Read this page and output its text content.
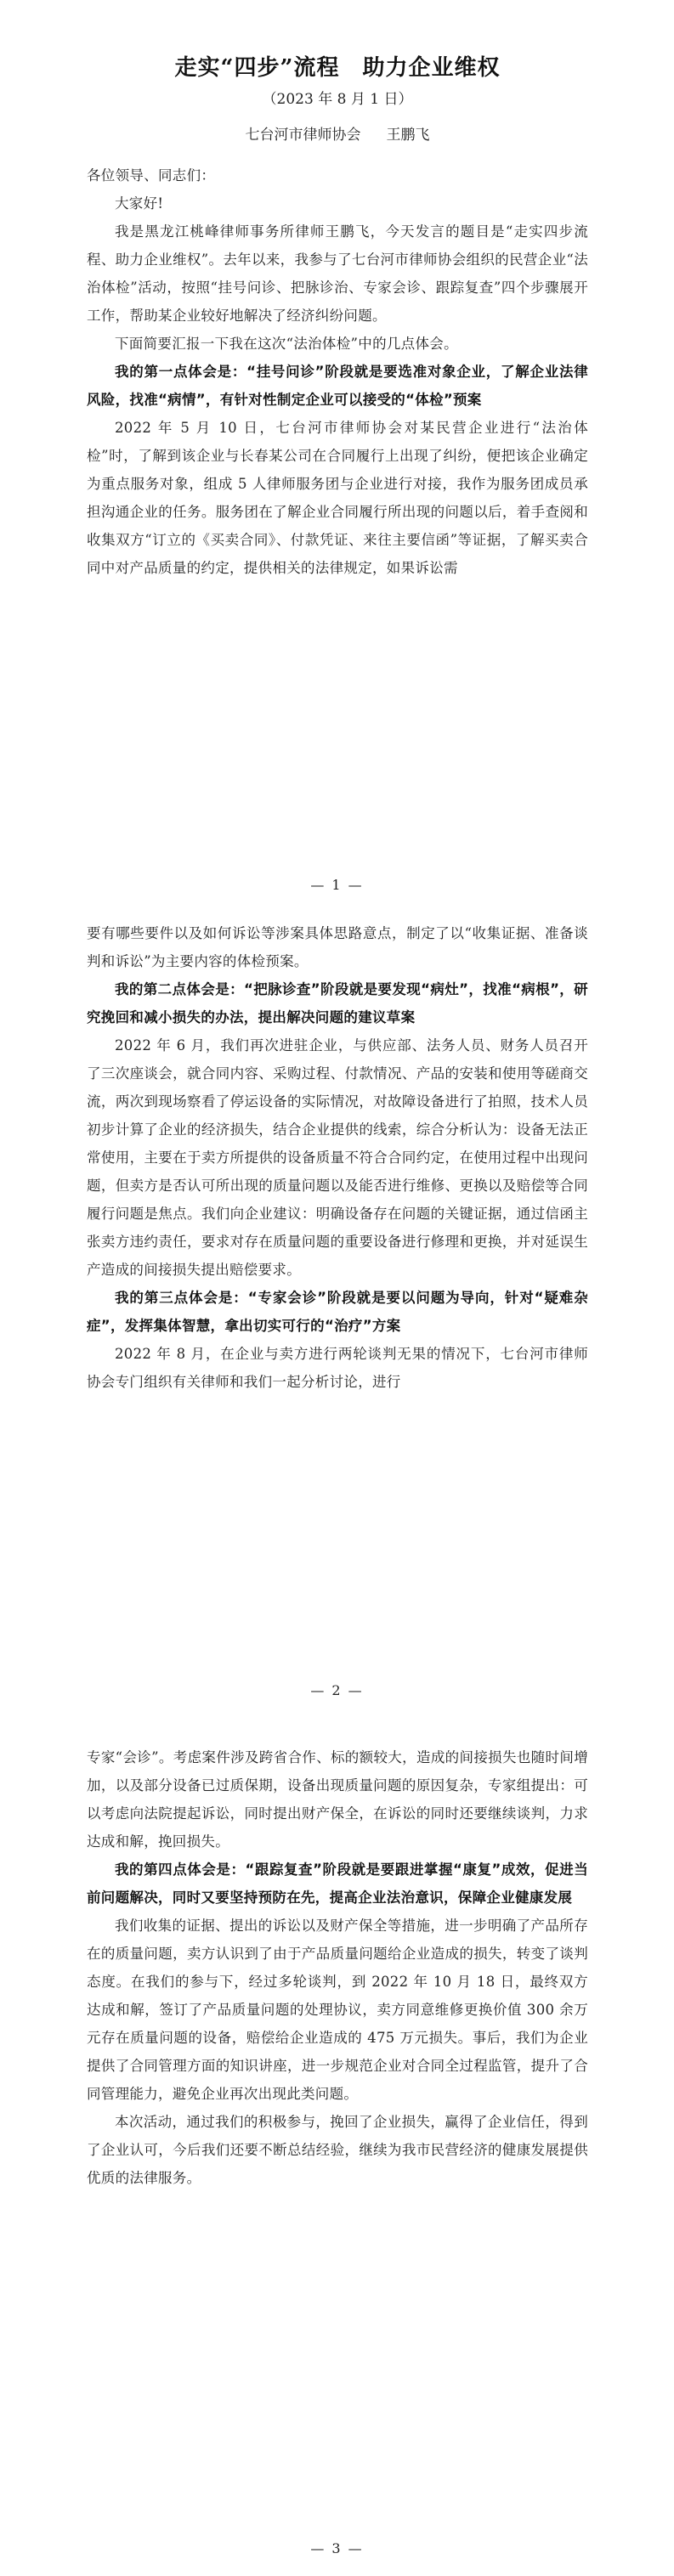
走实“四步”流程　助力企业维权

（2023 年 8 月 1 日）

七台河市律师协会 王鹏飞

各位领导、同志们：

大家好!

我是黑龙江桃峰律师事务所律师王鹏飞，今天发言的题目是“走实四步流程、助力企业维权”。去年以来，我参与了七台河市律师协会组织的民营企业“法治体检”活动，按照“挂号问诊、把脉诊治、专家会诊、跟踪复查”四个步骤展开工作，帮助某企业较好地解决了经济纠纷问题。

下面简要汇报一下我在这次“法治体检”中的几点体会。

我的第一点体会是：“挂号问诊”阶段就是要选准对象企业，了解企业法律风险，找准“病情”，有针对性制定企业可以接受的“体检”预案

2022 年 5 月 10 日，七台河市律师协会对某民营企业进行“法治体检”时，了解到该企业与长春某公司在合同履行上出现了纠纷，便把该企业确定为重点服务对象，组成 5 人律师服务团与企业进行对接，我作为服务团成员承担沟通企业的任务。服务团在了解企业合同履行所出现的问题以后，着手查阅和收集双方“订立的《买卖合同》、付款凭证、来往主要信函”等证据，了解买卖合同中对产品质量的约定，提供相关的法律规定，如果诉讼需

— 1 —

要有哪些要件以及如何诉讼等涉案具体思路意点，制定了以“收集证据、准备谈判和诉讼”为主要内容的体检预案。

我的第二点体会是：“把脉诊查”阶段就是要发现“病灶”，找准“病根”，研究挽回和减小损失的办法，提出解决问题的建议草案

2022 年 6 月，我们再次进驻企业，与供应部、法务人员、财务人员召开了三次座谈会，就合同内容、采购过程、付款情况、产品的安装和使用等磋商交流，两次到现场察看了停运设备的实际情况，对故障设备进行了拍照，技术人员初步计算了企业的经济损失，结合企业提供的线索，综合分析认为：设备无法正常使用，主要在于卖方所提供的设备质量不符合合同约定，在使用过程中出现问题，但卖方是否认可所出现的质量问题以及能否进行维修、更换以及赔偿等合同履行问题是焦点。我们向企业建议：明确设备存在问题的关键证据，通过信函主张卖方违约责任，要求对存在质量问题的重要设备进行修理和更换，并对延误生产造成的间接损失提出赔偿要求。

我的第三点体会是：“专家会诊”阶段就是要以问题为导向，针对“疑难杂症”，发挥集体智慧，拿出切实可行的“治疗”方案

2022 年 8 月，在企业与卖方进行两轮谈判无果的情况下，七台河市律师协会专门组织有关律师和我们一起分析讨论，进行

— 2 —

专家“会诊”。考虑案件涉及跨省合作、标的额较大，造成的间接损失也随时间增加，以及部分设备已过质保期，设备出现质量问题的原因复杂，专家组提出：可以考虑向法院提起诉讼，同时提出财产保全，在诉讼的同时还要继续谈判，力求达成和解，挽回损失。

我的第四点体会是：“跟踪复查”阶段就是要跟进掌握“康复”成效，促进当前问题解决，同时又要坚持预防在先，提高企业法治意识，保障企业健康发展

我们收集的证据、提出的诉讼以及财产保全等措施，进一步明确了产品所存在的质量问题，卖方认识到了由于产品质量问题给企业造成的损失，转变了谈判态度。在我们的参与下，经过多轮谈判，到 2022 年 10 月 18 日，最终双方达成和解，签订了产品质量问题的处理协议，卖方同意维修更换价值 300 余万元存在质量问题的设备，赔偿给企业造成的 475 万元损失。事后，我们为企业提供了合同管理方面的知识讲座，进一步规范企业对合同全过程监管，提升了合同管理能力，避免企业再次出现此类问题。

本次活动，通过我们的积极参与，挽回了企业损失，赢得了企业信任，得到了企业认可，今后我们还要不断总结经验，继续为我市民营经济的健康发展提供优质的法律服务。

— 3 —
